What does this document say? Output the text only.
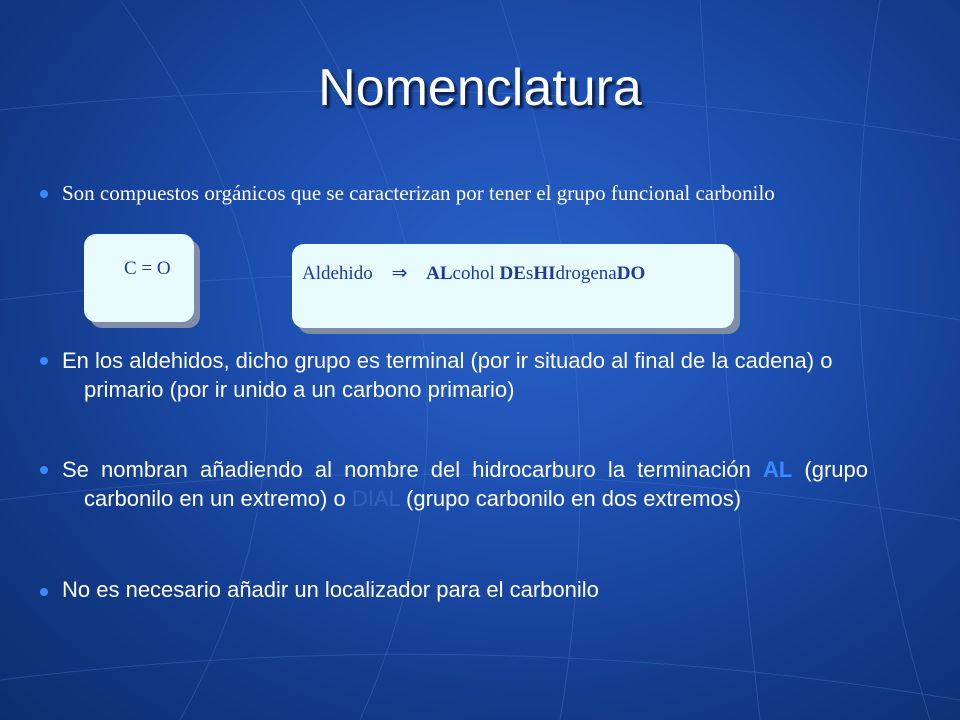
Nomenclatura
Son compuestos orgánicos que se caracterizan por tener el grupo funcional carbonilo
C = O	Aldehido ⇒ ALcohol DEsHIdrogenaDO
En los aldehidos, dicho grupo es terminal (por ir situado al final de la cadena) o primario (por ir unido a un carbono primario)
Se nombran añadiendo al nombre del hidrocarburo la terminación AL (grupo carbonilo en un extremo) o DIAL (grupo carbonilo en dos extremos)
No es necesario añadir un localizador para el carbonilo
